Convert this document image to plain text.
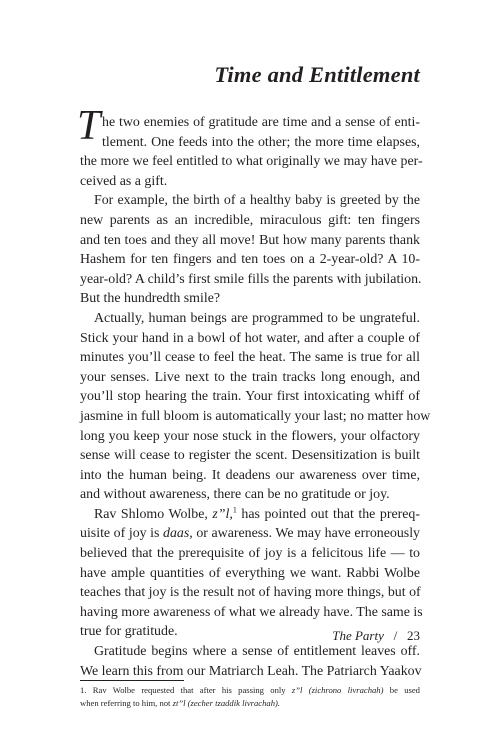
Time and Entitlement

T he two enemies of gratitude are time and a sense of enti-
tlement. One feeds into the other; the more time elapses,
the more we feel entitled to what originally we may have per-
ceived as a gift.

For example, the birth of a healthy baby is greeted by the
new parents as an incredible, miraculous gift: ten fingers
and ten toes and they all move! But how many parents thank
Hashem for ten fingers and ten toes on a 2-year-old? A 10-
year-old? A child’s first smile fills the parents with jubilation.
But the hundredth smile?

Actually, human beings are programmed to be ungrateful.
Stick your hand in a bowl of hot water, and after a couple of
minutes you’ll cease to feel the heat. The same is true for all
your senses. Live next to the train tracks long enough, and
you’ll stop hearing the train. Your first intoxicating whiff of
jasmine in full bloom is automatically your last; no matter how
long you keep your nose stuck in the flowers, your olfactory
sense will cease to register the scent. Desensitization is built
into the human being. It deadens our awareness over time,
and without awareness, there can be no gratitude or joy.

Rav Shlomo Wolbe, z”l,$^1$ has pointed out that the prereq-
uisite of joy is daas, or awareness. We may have erroneously
believed that the prerequisite of joy is a felicitous life — to
have ample quantities of everything we want. Rabbi Wolbe
teaches that joy is the result not of having more things, but of
having more awareness of what we already have. The same is
true for gratitude.

Gratitude begins where a sense of entitlement leaves off.
We learn this from our Matriarch Leah. The Patriarch Yaakov

1. Rav Wolbe requested that after his passing only z”l (zichrono livrachah) be used
when referring to him, not zt”l (zecher tzaddik livrachah).
The Party / 23
